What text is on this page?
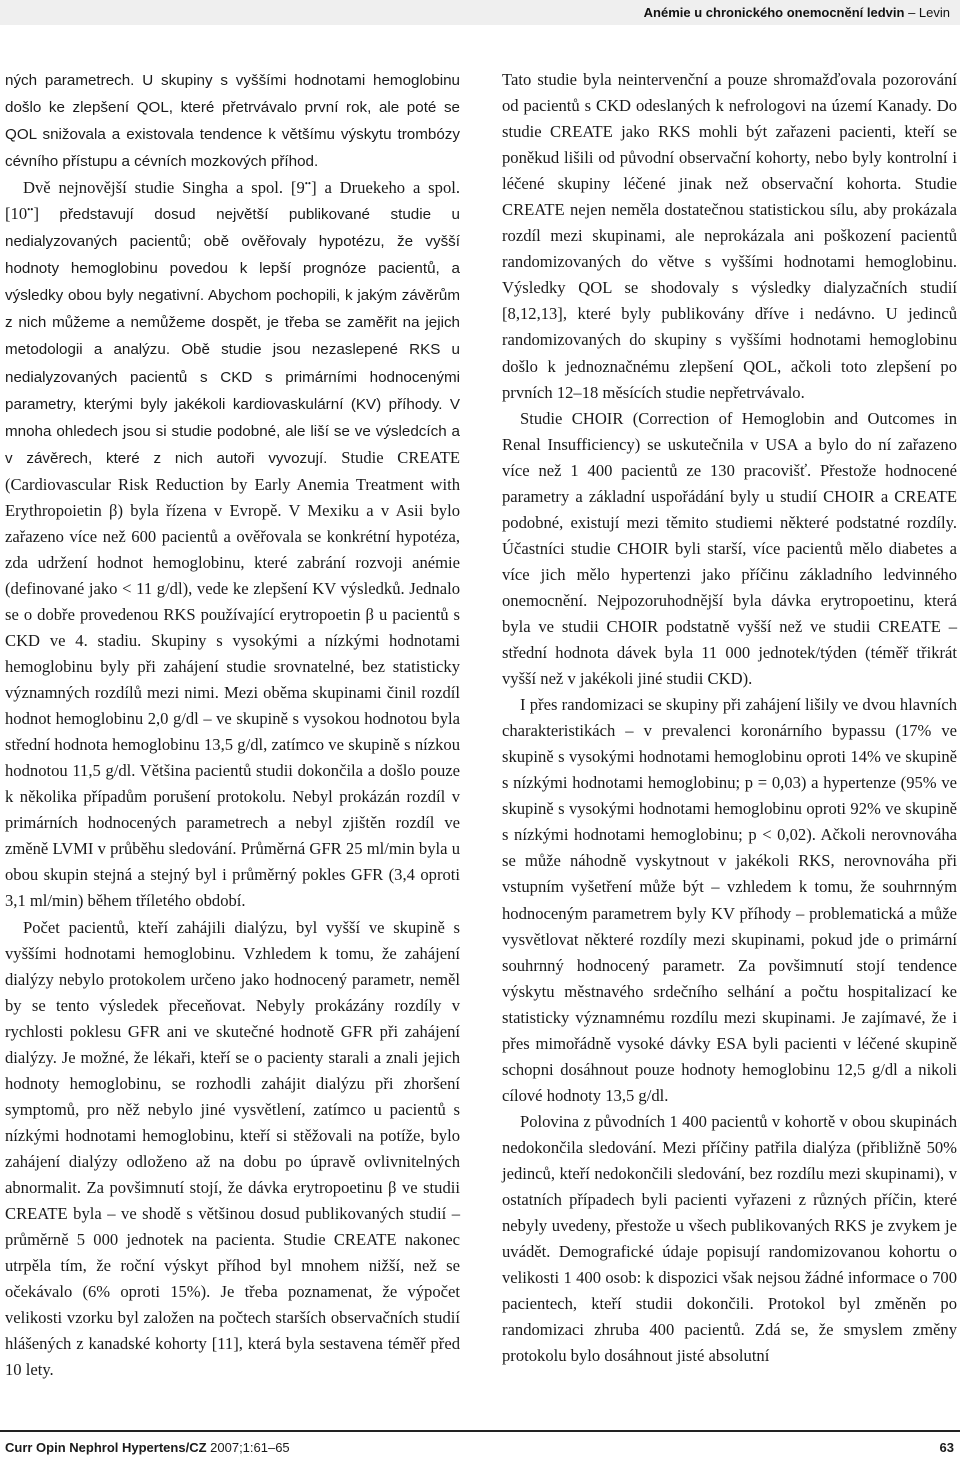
Anémie u chronického onemocnění ledvin – Levin

ných parametrech. U skupiny s vyššími hodnotami hemoglobinu došlo ke zlepšení QOL, které přetrvávalo první rok, ale poté se QOL snižovala a existovala tendence k většímu výskytu trombózy cévního přístupu a cévních mozkových příhod.

Dvě nejnovější studie Singha a spol. [9••] a Druekeho a spol. [10••] představují dosud největší publikované studie u nedialyzovaných pacientů; obě ověřovaly hypotézu, že vyšší hodnoty hemoglobinu povedou k lepší prognóze pacientů, a výsledky obou byly negativní. Abychom pochopili, k jakým závěrům z nich můžeme a nemůžeme dospět, je třeba se zaměřit na jejich metodologii a analýzu. Obě studie jsou nezaslepené RKS u nedialyzovaných pacientů s CKD s primárními hodnocenými parametry, kterými byly jakékoli kardiovaskulární (KV) příhody. V mnoha ohledech jsou si studie podobné, ale liší se ve výsledcích a v závěrech, které z nich autoři vyvozují. Studie CREATE (Cardiovascular Risk Reduction by Early Anemia Treatment with Erythropoietin β) byla řízena v Evropě. V Mexiku a v Asii bylo zařazeno více než 600 pacientů a ověřovala se konkrétní hypotéza, zda udržení hodnot hemoglobinu, které zabrání rozvoji anémie (definované jako < 11 g/dl), vede ke zlepšení KV výsledků. Jednalo se o dobře provedenou RKS používající erytropoetin β u pacientů s CKD ve 4. stadiu. Skupiny s vysokými a nízkými hodnotami hemoglobinu byly při zahájení studie srovnatelné, bez statisticky významných rozdílů mezi nimi. Mezi oběma skupinami činil rozdíl hodnot hemoglobinu 2,0 g/dl – ve skupině s vysokou hodnotou byla střední hodnota hemoglobinu 13,5 g/dl, zatímco ve skupině s nízkou hodnotou 11,5 g/dl. Většina pacientů studii dokončila a došlo pouze k několika případům porušení protokolu. Nebyl prokázán rozdíl v primárních hodnocených parametrech a nebyl zjištěn rozdíl ve změně LVMI v průběhu sledování. Průměrná GFR 25 ml/min byla u obou skupin stejná a stejný byl i průměrný pokles GFR (3,4 oproti 3,1 ml/min) během tříletého období.

Počet pacientů, kteří zahájili dialýzu, byl vyšší ve skupině s vyššími hodnotami hemoglobinu. Vzhledem k tomu, že zahájení dialýzy nebylo protokolem určeno jako hodnocený parametr, neměl by se tento výsledek přeceňovat. Nebyly prokázány rozdíly v rychlosti poklesu GFR ani ve skutečné hodnotě GFR při zahájení dialýzy. Je možné, že lékaři, kteří se o pacienty starali a znali jejich hodnoty hemoglobinu, se rozhodli zahájit dialýzu při zhoršení symptomů, pro něž nebylo jiné vysvětlení, zatímco u pacientů s nízkými hodnotami hemoglobinu, kteří si stěžovali na potíže, bylo zahájení dialýzy odloženo až na dobu po úpravě ovlivnitelných abnormalit. Za povšimnutí stojí, že dávka erytropoetinu β ve studii CREATE byla – ve shodě s většinou dosud publikovaných studií – průměrně 5 000 jednotek na pacienta. Studie CREATE nakonec utrpěla tím, že roční výskyt příhod byl mnohem nižší, než se očekávalo (6% oproti 15%). Je třeba poznamenat, že výpočet velikosti vzorku byl založen na počtech starších observačních studií hlášených z kanadské kohorty [11], která byla sestavena téměř před 10 lety.

Tato studie byla neintervenční a pouze shromažďovala pozorování od pacientů s CKD odeslaných k nefrologovi na území Kanady. Do studie CREATE jako RKS mohli být zařazeni pacienti, kteří se poněkud lišili od původní observační kohorty, nebo byly kontrolní i léčené skupiny léčené jinak než observační kohorta. Studie CREATE nejen neměla dostatečnou statistickou sílu, aby prokázala rozdíl mezi skupinami, ale neprokázala ani poškození pacientů randomizovaných do větve s vyššími hodnotami hemoglobinu. Výsledky QOL se shodovaly s výsledky dialyzačních studií [8,12,13], které byly publikovány dříve i nedávno. U jedinců randomizovaných do skupiny s vyššími hodnotami hemoglobinu došlo k jednoznačnému zlepšení QOL, ačkoli toto zlepšení po prvních 12–18 měsících studie nepřetrvávalo.

Studie CHOIR (Correction of Hemoglobin and Outcomes in Renal Insufficiency) se uskutečnila v USA a bylo do ní zařazeno více než 1 400 pacientů ze 130 pracovišť. Přestože hodnocené parametry a základní uspořádání byly u studií CHOIR a CREATE podobné, existují mezi těmito studiemi některé podstatné rozdíly. Účastníci studie CHOIR byli starší, více pacientů mělo diabetes a více jich mělo hypertenzi jako příčinu základního ledvinného onemocnění. Nejpozoruhodnější byla dávka erytropoetinu, která byla ve studii CHOIR podstatně vyšší než ve studii CREATE – střední hodnota dávek byla 11 000 jednotek/týden (téměř třikrát vyšší než v jakékoli jiné studii CKD).

I přes randomizaci se skupiny při zahájení lišily ve dvou hlavních charakteristikách – v prevalenci koronárního bypassu (17% ve skupině s vysokými hodnotami hemoglobinu oproti 14% ve skupině s nízkými hodnotami hemoglobinu; p = 0,03) a hypertenze (95% ve skupině s vysokými hodnotami hemoglobinu oproti 92% ve skupině s nízkými hodnotami hemoglobinu; p < 0,02). Ačkoli nerovnováha se může náhodně vyskytnout v jakékoli RKS, nerovnováha při vstupním vyšetření může být – vzhledem k tomu, že souhrnným hodnoceným parametrem byly KV příhody – problematická a může vysvětlovat některé rozdíly mezi skupinami, pokud jde o primární souhrnný hodnocený parametr. Za povšimnutí stojí tendence výskytu městnavého srdečního selhání a počtu hospitalizací ke statisticky významnému rozdílu mezi skupinami. Je zajímavé, že i přes mimořádně vysoké dávky ESA byli pacienti v léčené skupině schopni dosáhnout pouze hodnoty hemoglobinu 12,5 g/dl a nikoli cílové hodnoty 13,5 g/dl.

Polovina z původních 1 400 pacientů v kohortě v obou skupinách nedokončila sledování. Mezi příčiny patřila dialýza (přibližně 50% jedinců, kteří nedokončili sledování, bez rozdílu mezi skupinami), v ostatních případech byli pacienti vyřazeni z různých příčin, které nebyly uvedeny, přestože u všech publikovaných RKS je zvykem je uvádět. Demografické údaje popisují randomizovanou kohortu o velikosti 1 400 osob: k dispozici však nejsou žádné informace o 700 pacientech, kteří studii dokončili. Protokol byl změněn po randomizaci zhruba 400 pacientů. Zdá se, že smyslem změny protokolu bylo dosáhnout jisté absolutní

Curr Opin Nephrol Hypertens/CZ 2007;1:61–65	63
